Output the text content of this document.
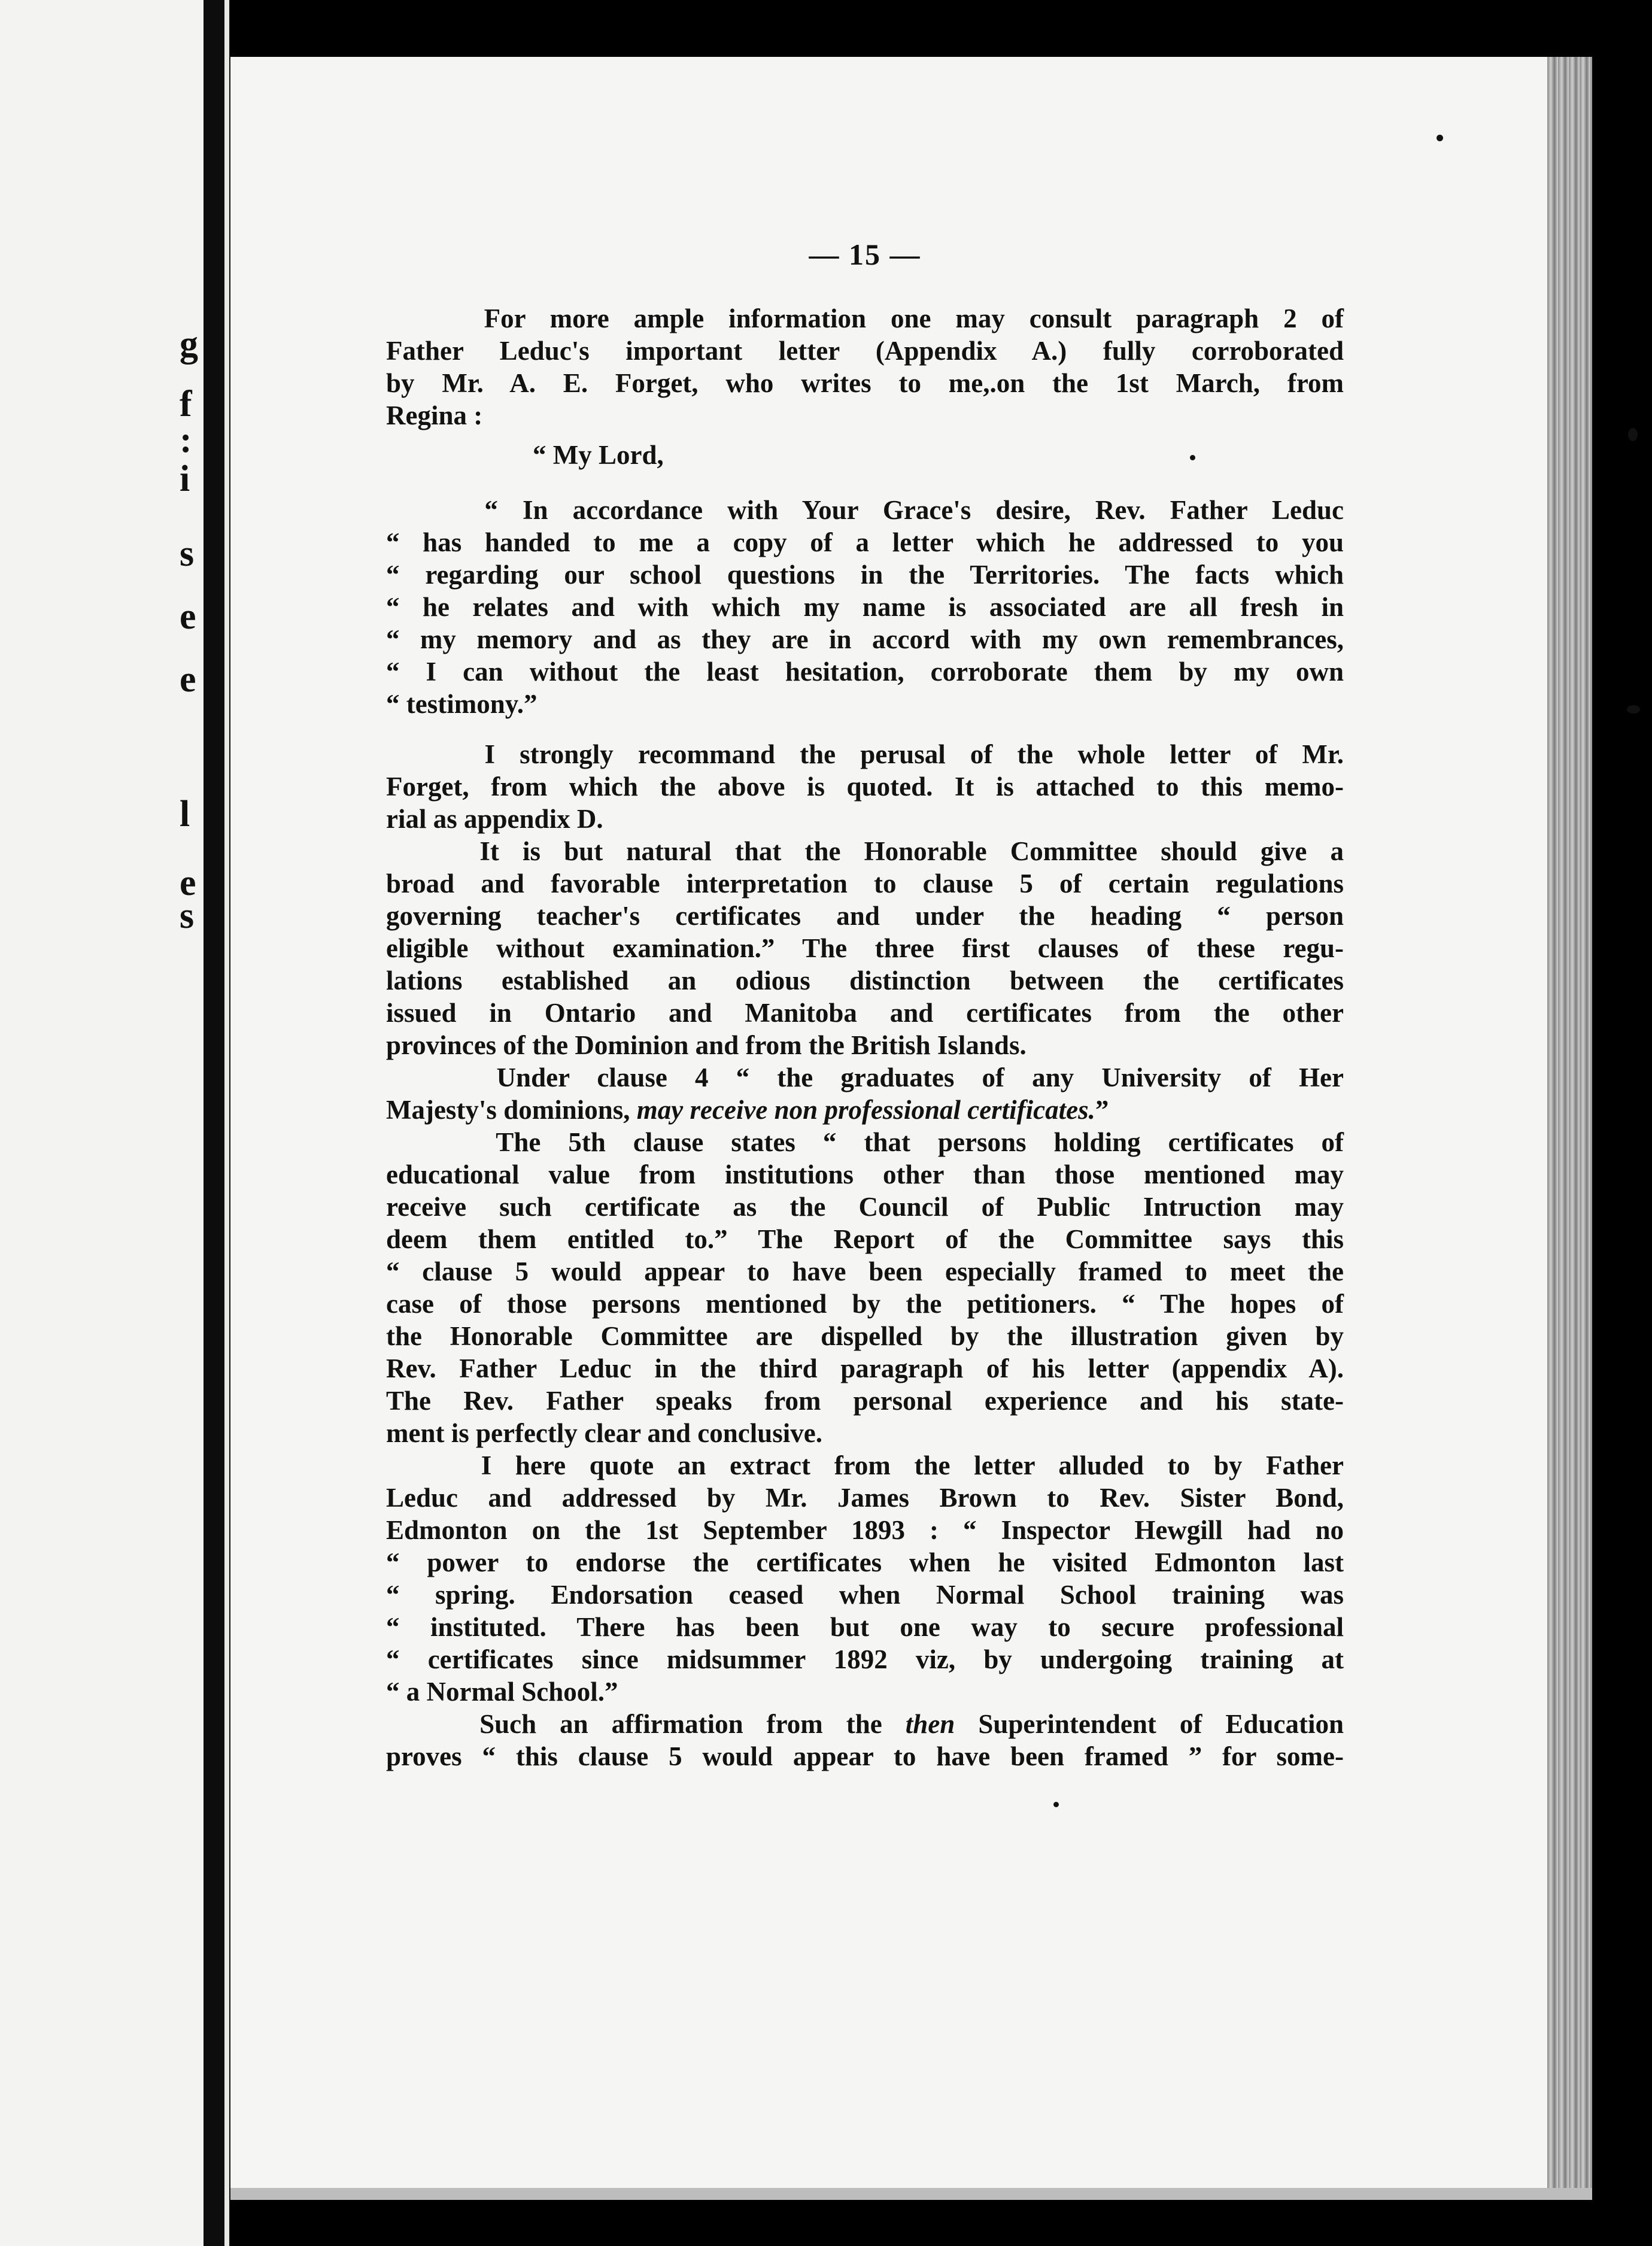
g
f
:
i
s
e
e
l
e
s
— 15 —
For more ample information one may consult paragraph 2 of
Father Leduc's important letter (Appendix A.) fully corroborated
by Mr. A. E. Forget, who writes to me,.on the 1st March, from
Regina :
“ My Lord,
“ In accordance with Your Grace's desire, Rev. Father Leduc
“ has handed to me a copy of a letter which he addressed to you
“ regarding our school questions in the Territories. The facts which
“ he relates and with which my name is associated are all fresh in
“ my memory and as they are in accord with my own remembrances,
“ I can without the least hesitation, corroborate them by my own
“ testimony.”
I strongly recommand the perusal of the whole letter of Mr.
Forget, from which the above is quoted. It is attached to this memo-
rial as appendix D.
It is but natural that the Honorable Committee should give a
broad and favorable interpretation to clause 5 of certain regulations
governing teacher's certificates and under the heading “ person
eligible without examination.” The three first clauses of these regu-
lations established an odious distinction between the certificates
issued in Ontario and Manitoba and certificates from the other
provinces of the Dominion and from the British Islands.
Under clause 4 “ the graduates of any University of Her
Majesty's dominions, may receive non professional certificates.”
The 5th clause states “ that persons holding certificates of
educational value from institutions other than those mentioned may
receive such certificate as the Council of Public Intruction may
deem them entitled to.” The Report of the Committee says this
“ clause 5 would appear to have been especially framed to meet the
case of those persons mentioned by the petitioners. “ The hopes of
the Honorable Committee are dispelled by the illustration given by
Rev. Father Leduc in the third paragraph of his letter (appendix A).
The Rev. Father speaks from personal experience and his state-
ment is perfectly clear and conclusive.
I here quote an extract from the letter alluded to by Father
Leduc and addressed by Mr. James Brown to Rev. Sister Bond,
Edmonton on the 1st September 1893 : “ Inspector Hewgill had no
“ power to endorse the certificates when he visited Edmonton last
“ spring. Endorsation ceased when Normal School training was
“ instituted. There has been but one way to secure professional
“ certificates since midsummer 1892 viz, by undergoing training at
“ a Normal School.”
Such an affirmation from the then Superintendent of Education
proves “ this clause 5 would appear to have been framed ” for some-
